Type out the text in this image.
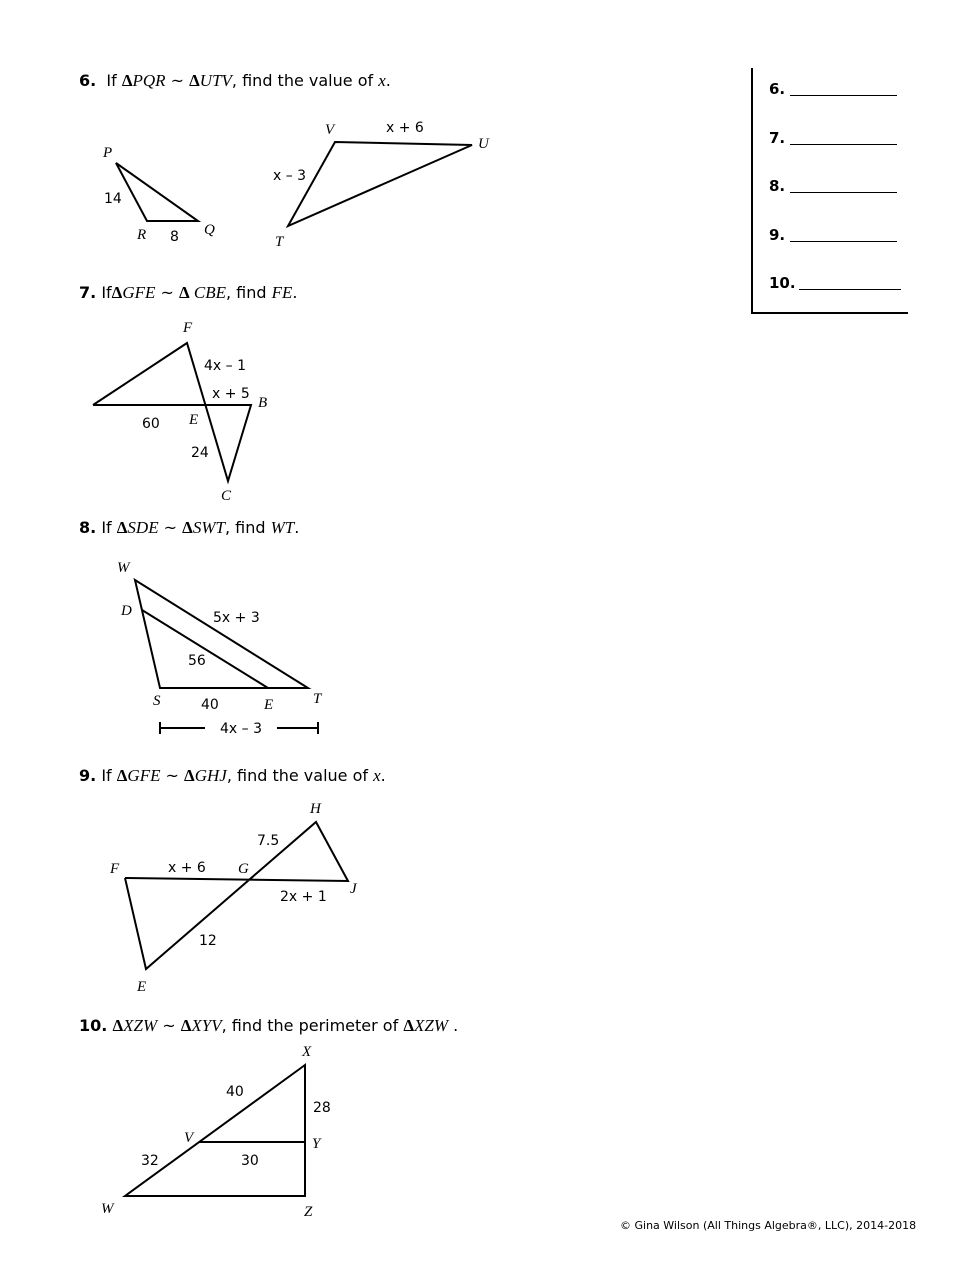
6. If ΔPQR ~ ΔUTV, find the value of x.
P
R	Q
V
U
T
14
8
x + 6
x – 3
7. IfΔGFE ~ Δ CBE, find FE.
F
B
E
C
4x – 1
x + 5
60
24
8. If ΔSDE ~ ΔSWT, find WT.
W
D
S	E	T
5x + 3
56
40
4x – 3
9. If ΔGFE ~ ΔGHJ, find the value of x.
H
F	G
J
E
7.5
x + 6
2x + 1
12
10. ΔXZW ~ ΔXYV, find the perimeter of ΔXZW .
X
V	Y
W	Z
40
28
32	30
6.
7.
8.
9.
10.
© Gina Wilson (All Things Algebra®, LLC), 2014-2018
